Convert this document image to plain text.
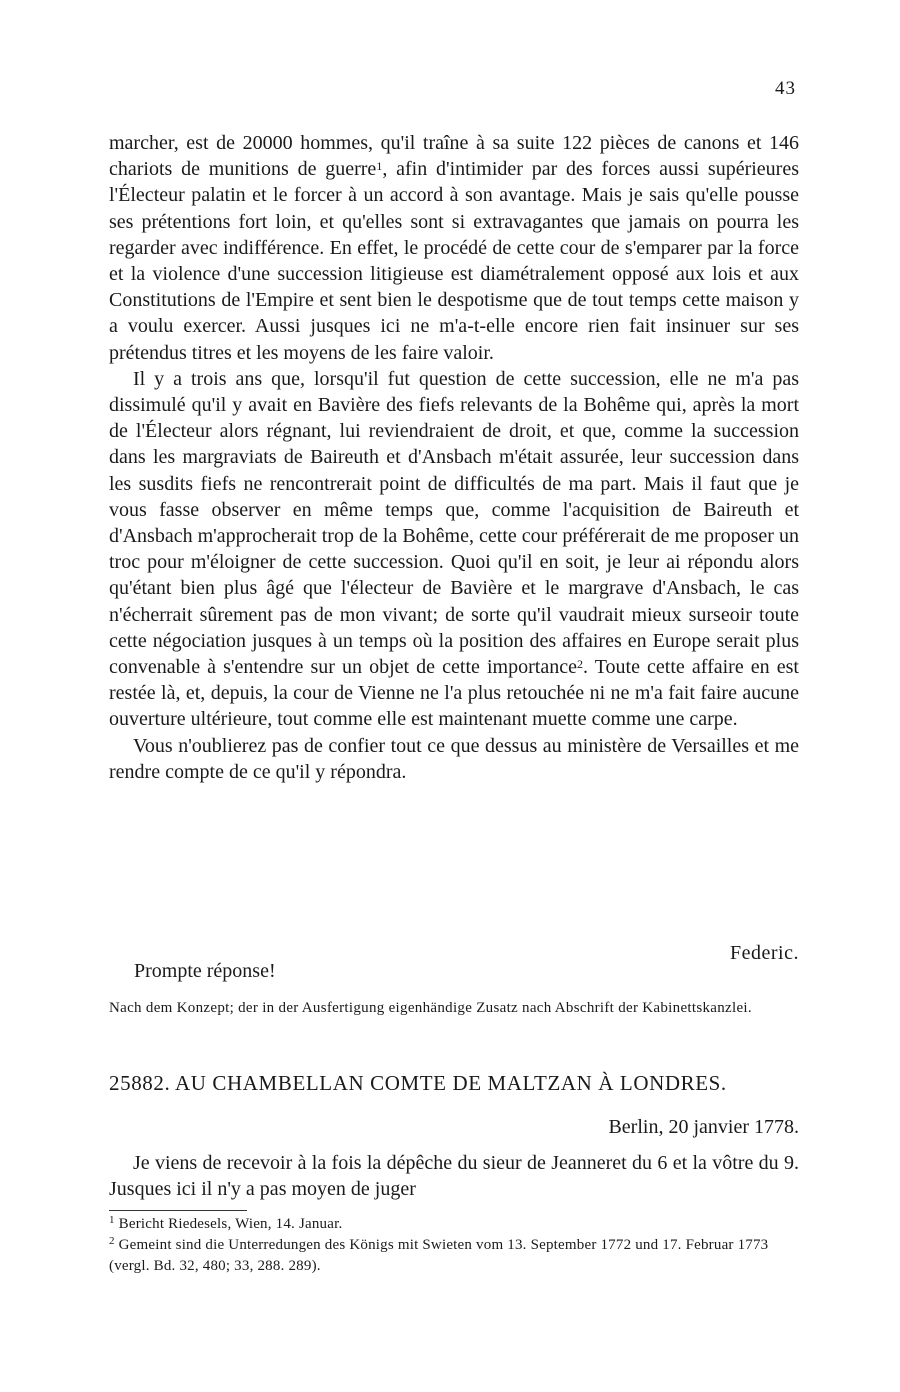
43

marcher, est de 20000 hommes, qu'il traîne à sa suite 122 pièces de canons et 146 chariots de munitions de guerre$^1$, afin d'intimider par des forces aussi supérieures l'Électeur palatin et le forcer à un accord à son avantage. Mais je sais qu'elle pousse ses prétentions fort loin, et qu'elles sont si extravagantes que jamais on pourra les regarder avec indifférence. En effet, le procédé de cette cour de s'emparer par la force et la violence d'une succession litigieuse est diamétralement opposé aux lois et aux Constitutions de l'Empire et sent bien le despotisme que de tout temps cette maison y a voulu exercer. Aussi jusques ici ne m'a-t-elle encore rien fait insinuer sur ses prétendus titres et les moyens de les faire valoir.

Il y a trois ans que, lorsqu'il fut question de cette succession, elle ne m'a pas dissimulé qu'il y avait en Bavière des fiefs relevants de la Bohême qui, après la mort de l'Électeur alors régnant, lui reviendraient de droit, et que, comme la succession dans les margraviats de Baireuth et d'Ansbach m'était assurée, leur succession dans les susdits fiefs ne rencontrerait point de difficultés de ma part. Mais il faut que je vous fasse observer en même temps que, comme l'acquisition de Baireuth et d'Ansbach m'approcherait trop de la Bohême, cette cour préférerait de me proposer un troc pour m'éloigner de cette succession. Quoi qu'il en soit, je leur ai répondu alors qu'étant bien plus âgé que l'électeur de Bavière et le margrave d'Ansbach, le cas n'écherrait sûrement pas de mon vivant; de sorte qu'il vaudrait mieux surseoir toute cette négociation jusques à un temps où la position des affaires en Europe serait plus convenable à s'entendre sur un objet de cette importance$^2$. Toute cette affaire en est restée là, et, depuis, la cour de Vienne ne l'a plus retouchée ni ne m'a fait faire aucune ouverture ultérieure, tout comme elle est maintenant muette comme une carpe.

Vous n'oublierez pas de confier tout ce que dessus au ministère de Versailles et me rendre compte de ce qu'il y répondra.

Federic.
Prompte réponse!
Nach dem Konzept; der in der Ausfertigung eigenhändige Zusatz nach Abschrift der Kabinettskanzlei.
25882. AU CHAMBELLAN COMTE DE MALTZAN À LONDRES.
Berlin, 20 janvier 1778.

Je viens de recevoir à la fois la dépêche du sieur de Jeanneret du 6 et la vôtre du 9. Jusques ici il n'y a pas moyen de juger

$^1$ Bericht Riedesels, Wien, 14. Januar.

$^2$ Gemeint sind die Unterredungen des Königs mit Swieten vom 13. September 1772 und 17. Februar 1773 (vergl. Bd. 32, 480; 33, 288. 289).
